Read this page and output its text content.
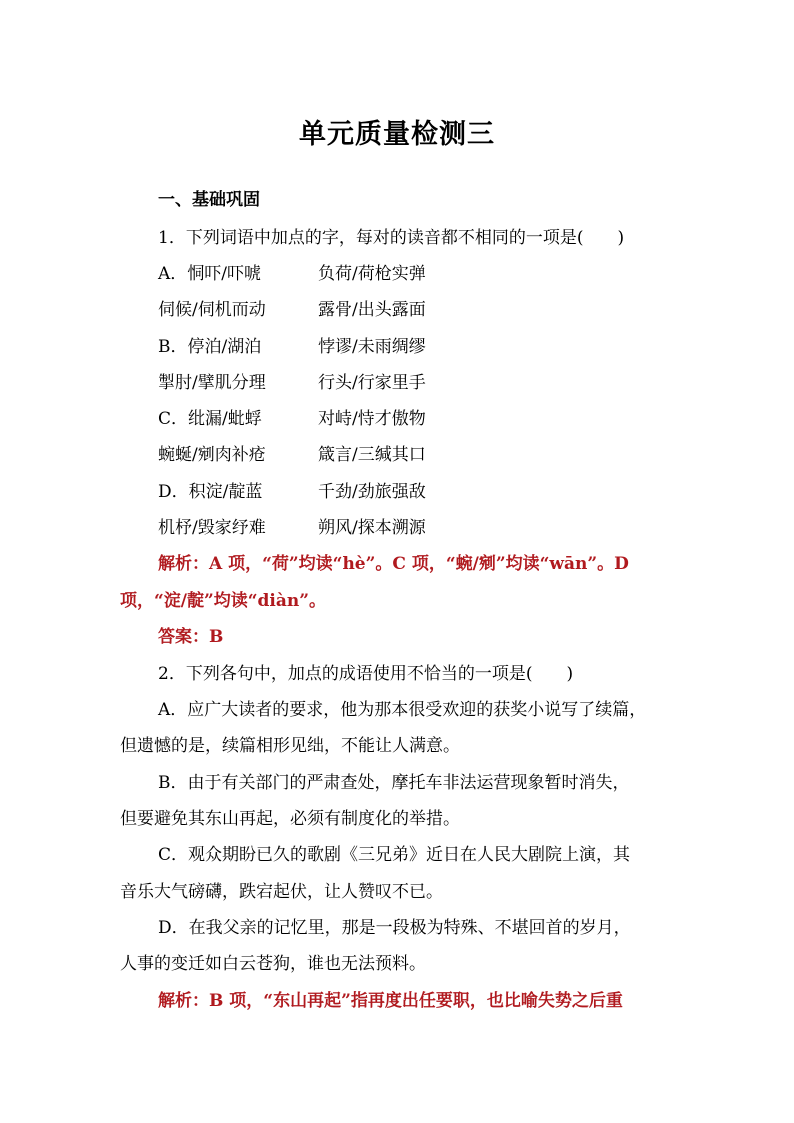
单元质量检测三
一、基础巩固
1．下列词语中加点的字，每对的读音都不相同的一项是(　　)
A．恫吓/吓唬	负荷/荷枪实弹
伺候/伺机而动	露骨/出头露面
B．停泊/湖泊	悖谬/未雨绸缪
掣肘/擘肌分理	行头/行家里手
C．纰漏/蚍蜉	对峙/恃才傲物
蜿蜒/剜肉补疮	箴言/三缄其口
D．积淀/靛蓝	千劲/劲旅强敌
机杼/毁家纾难	朔风/探本溯源
解析：A 项，“荷”均读“hè”。C 项，“蜿/剜”均读“wān”。D
项，“淀/靛”均读“diàn”。
答案：B
2．下列各句中，加点的成语使用不恰当的一项是(　　)
A．应广大读者的要求，他为那本很受欢迎的获奖小说写了续篇，
但遗憾的是，续篇相形见绌，不能让人满意。
B．由于有关部门的严肃查处，摩托车非法运营现象暂时消失，
但要避免其东山再起，必须有制度化的举措。
C．观众期盼已久的歌剧《三兄弟》近日在人民大剧院上演，其
音乐大气磅礴，跌宕起伏，让人赞叹不已。
D．在我父亲的记忆里，那是一段极为特殊、不堪回首的岁月，
人事的变迁如白云苍狗，谁也无法预料。
解析：B 项，“东山再起”指再度出任要职，也比喻失势之后重
